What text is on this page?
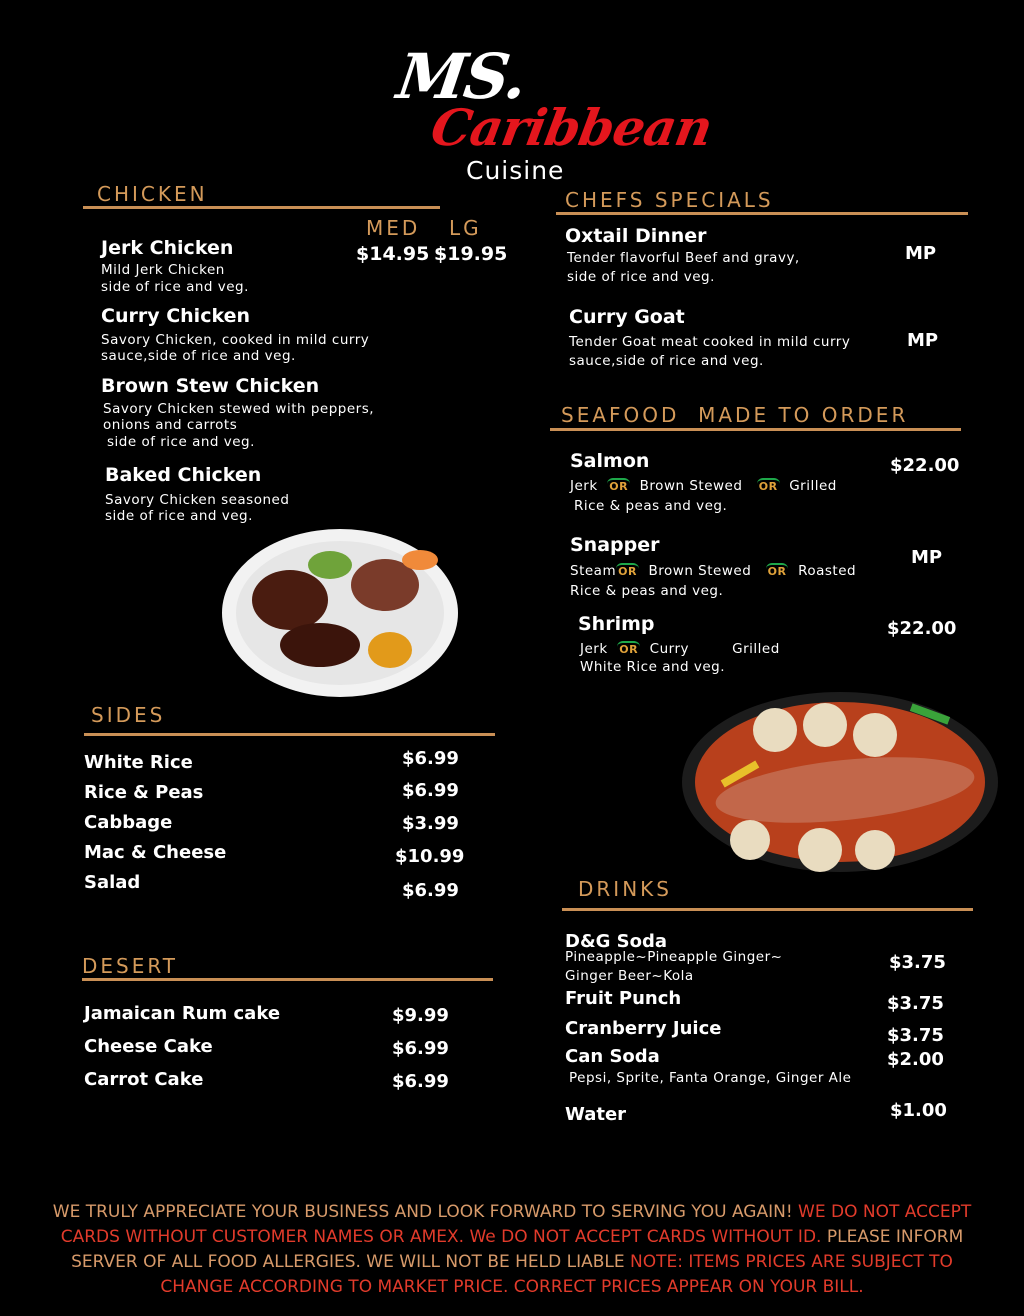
MS.
Caribbean
Cuisine
CHICKEN
MED LG
$14.95 $19.95
Jerk Chicken
Mild Jerk Chicken
side of rice and veg.
Curry Chicken
Savory Chicken, cooked in mild curry
sauce,side of rice and veg.
Brown Stew Chicken
Savory Chicken stewed with peppers,
onions and carrots
side of rice and veg.
Baked Chicken
Savory Chicken seasoned
side of rice and veg.
CHEFS SPECIALS
Oxtail Dinner
Tender flavorful Beef and gravy,
side of rice and veg.
MP
Curry Goat
Tender Goat meat cooked in mild curry
sauce,side of rice and veg.
MP
SEAFOOD  MADE TO ORDER
Salmon
Jerk OR Brown Stewed OR Grilled
Rice & peas and veg.
$22.00
Snapper
Steam OR Brown Stewed OR Roasted
Rice & peas and veg.
MP
Shrimp
Jerk OR Curry	Grilled
White Rice and veg.
$22.00
SIDES
White Rice	$6.99
Rice & Peas	$6.99
Cabbage	$3.99
Mac & Cheese	$10.99
Salad	$6.99
DESERT
Jamaican Rum cake	$9.99
Cheese Cake	$6.99
Carrot Cake	$6.99
DRINKS
D&G Soda
Pineapple~Pineapple Ginger~
Ginger Beer~Kola
$3.75
Fruit Punch	$3.75
Cranberry Juice	$3.75
Can Soda
Pepsi, Sprite, Fanta Orange, Ginger Ale
$2.00
Water	$1.00
WE TRULY APPRECIATE YOUR BUSINESS AND LOOK FORWARD TO SERVING YOU AGAIN! WE DO NOT ACCEPT CARDS WITHOUT CUSTOMER NAMES OR AMEX. We DO NOT ACCEPT CARDS WITHOUT ID. PLEASE INFORM SERVER OF ALL FOOD ALLERGIES. WE WILL NOT BE HELD LIABLE NOTE: ITEMS PRICES ARE SUBJECT TO CHANGE ACCORDING TO MARKET PRICE. CORRECT PRICES APPEAR ON YOUR BILL.
